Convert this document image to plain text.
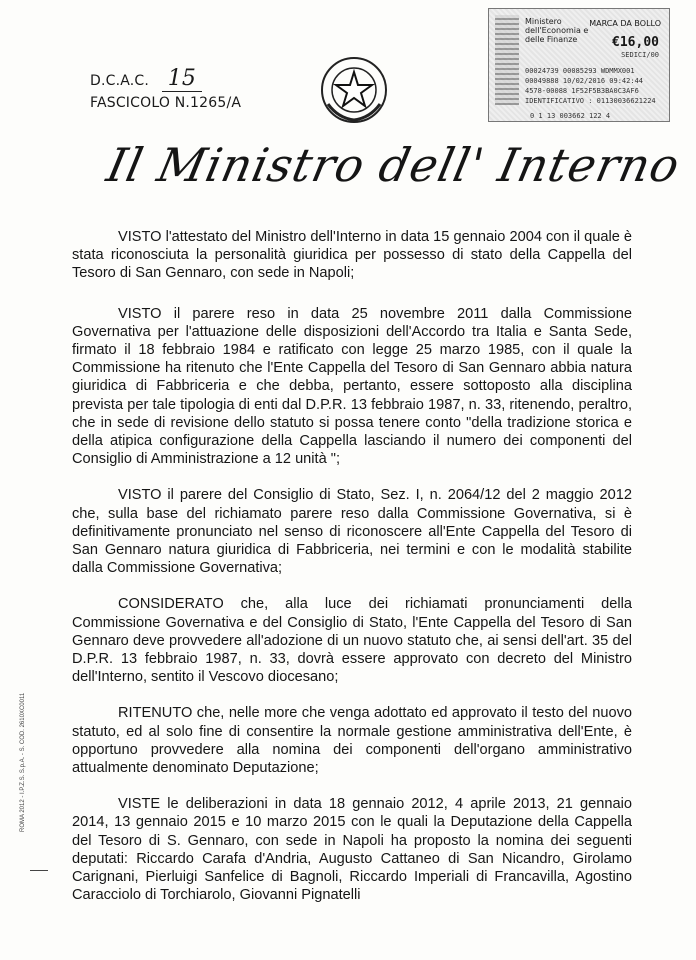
D.C.A.C. 15
FASCICOLO N.1265/A
Ministero dell'Economia e delle Finanze
MARCA DA BOLLO
€16,00
SEDICI/00
00024739 00085293 WDMMX001
00049888 10/02/2016 09:42:44
4578-00088 1F52F5B3BA0C3AF6
IDENTIFICATIVO : 01130036621224
0 1 13 003662 122 4
Il Ministro dell' Interno

VISTO l'attestato del Ministro dell'Interno in data 15 gennaio 2004 con il quale è stata riconosciuta la personalità giuridica per possesso di stato della Cappella del Tesoro di San Gennaro, con sede in Napoli;

VISTO il parere reso in data 25 novembre 2011 dalla Commissione Governativa per l'attuazione delle disposizioni dell'Accordo tra Italia e Santa Sede, firmato il 18 febbraio 1984 e ratificato con legge 25 marzo 1985, con il quale la Commissione ha ritenuto che l'Ente Cappella del Tesoro di San Gennaro abbia natura giuridica di Fabbriceria e che debba, pertanto, essere sottoposto alla disciplina prevista per tale tipologia di enti dal D.P.R. 13 febbraio 1987, n. 33, ritenendo, peraltro, che in sede di revisione dello statuto si possa tenere conto "della tradizione storica e della atipica configurazione della Cappella lasciando il numero dei componenti del Consiglio di Amministrazione a 12 unità ";

VISTO il parere del Consiglio di Stato, Sez. I, n. 2064/12 del 2 maggio 2012 che, sulla base del richiamato parere reso dalla Commissione Governativa, si è definitivamente pronunciato nel senso di riconoscere all'Ente Cappella del Tesoro di San Gennaro natura giuridica di Fabbriceria, nei termini e con le modalità stabilite dalla Commissione Governativa;

CONSIDERATO che, alla luce dei richiamati pronunciamenti della Commissione Governativa e del Consiglio di Stato, l'Ente Cappella del Tesoro di San Gennaro deve provvedere all'adozione di un nuovo statuto che, ai sensi dell'art. 35 del D.P.R. 13 febbraio 1987, n. 33, dovrà essere approvato con decreto del Ministro dell'Interno, sentito il Vescovo diocesano;

RITENUTO che, nelle more che venga adottato ed approvato il testo del nuovo statuto, ed al solo fine di consentire la normale gestione amministrativa dell'Ente, è opportuno provvedere alla nomina dei componenti dell'organo amministrativo attualmente denominato Deputazione;

VISTE le deliberazioni in data 18 gennaio 2012, 4 aprile 2013, 21 gennaio 2014, 13 gennaio 2015 e 10 marzo 2015 con le quali la Deputazione della Cappella del Tesoro di S. Gennaro, con sede in Napoli ha proposto la nomina dei seguenti deputati: Riccardo Carafa d'Andria, Augusto Cattaneo di San Nicandro, Girolamo Carignani, Pierluigi Sanfelice di Bagnoli, Riccardo Imperiali di Francavilla, Agostino Caracciolo di Torchiarolo, Giovanni Pignatelli

ROMA 2012 - I.P.Z.S. S.p.A. - S. COD. 2610XC0011
